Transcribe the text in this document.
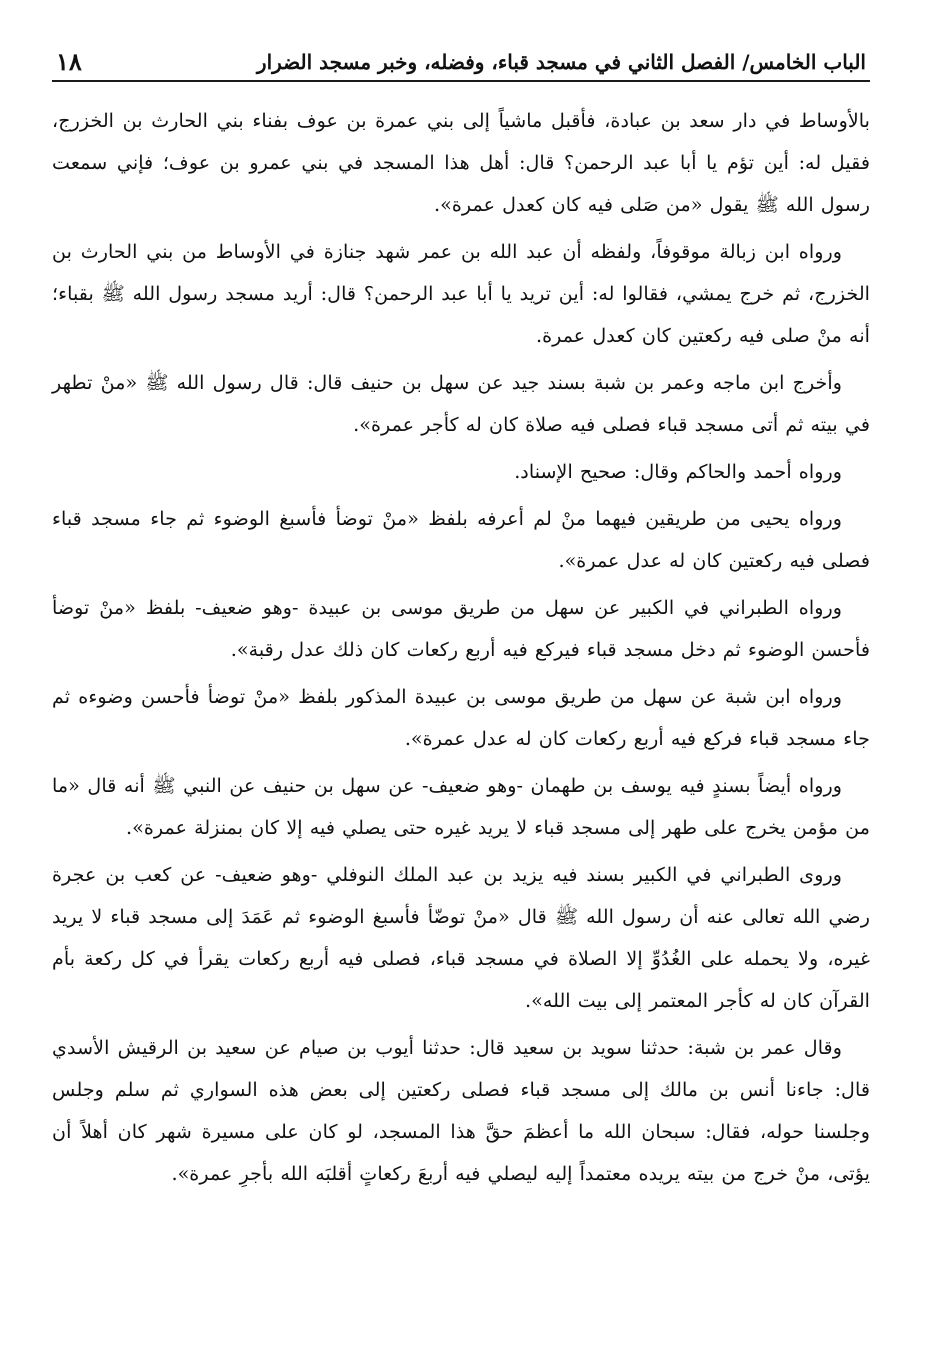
الباب الخامس/ الفصل الثاني في مسجد قباء، وفضله، وخبر مسجد الضرار
١٨

بالأوساط في دار سعد بن عبادة، فأقبل ماشياً إلى بني عمرة بن عوف بفناء بني الحارث بن الخزرج، فقيل له: أين تؤم يا أبا عبد الرحمن؟ قال: أهل هذا المسجد في بني عمرو بن عوف؛ فإني سمعت رسول الله ﷺ يقول «من صَلى فيه كان كعدل عمرة».

ورواه ابن زبالة موقوفاً، ولفظه أن عبد الله بن عمر شهد جنازة في الأوساط من بني الحارث بن الخزرج، ثم خرج يمشي، فقالوا له: أين تريد يا أبا عبد الرحمن؟ قال: أريد مسجد رسول الله ﷺ بقباء؛ أنه منْ صلى فيه ركعتين كان كعدل عمرة.

وأخرج ابن ماجه وعمر بن شبة بسند جيد عن سهل بن حنيف قال: قال رسول الله ﷺ «منْ تطهر في بيته ثم أتى مسجد قباء فصلى فيه صلاة كان له كأجر عمرة».

ورواه أحمد والحاكم وقال: صحيح الإسناد.

ورواه يحيى من طريقين فيهما منْ لم أعرفه بلفظ «منْ توضأ فأسبغ الوضوء ثم جاء مسجد قباء فصلى فيه ركعتين كان له عدل عمرة».

ورواه الطبراني في الكبير عن سهل من طريق موسى بن عبيدة -وهو ضعيف- بلفظ «منْ توضأ فأحسن الوضوء ثم دخل مسجد قباء فيركع فيه أربع ركعات كان ذلك عدل رقبة».

ورواه ابن شبة عن سهل من طريق موسى بن عبيدة المذكور بلفظ «منْ توضأ فأحسن وضوءه ثم جاء مسجد قباء فركع فيه أربع ركعات كان له عدل عمرة».

ورواه أيضاً بسندٍ فيه يوسف بن طهمان -وهو ضعيف- عن سهل بن حنيف عن النبي ﷺ أنه قال «ما من مؤمن يخرج على طهر إلى مسجد قباء لا يريد غيره حتى يصلي فيه إلا كان بمنزلة عمرة».

وروى الطبراني في الكبير بسند فيه يزيد بن عبد الملك النوفلي -وهو ضعيف- عن كعب بن عجرة رضي الله تعالى عنه أن رسول الله ﷺ قال «منْ توضّأ فأسبغ الوضوء ثم عَمَدَ إلى مسجد قباء لا يريد غيره، ولا يحمله على الغُدُوِّ إلا الصلاة في مسجد قباء، فصلى فيه أربع ركعات يقرأ في كل ركعة بأم القرآن كان له كأجر المعتمر إلى بيت الله».

وقال عمر بن شبة: حدثنا سويد بن سعيد قال: حدثنا أيوب بن صيام عن سعيد بن الرقيش الأسدي قال: جاءنا أنس بن مالك إلى مسجد قباء فصلى ركعتين إلى بعض هذه السواري ثم سلم وجلس وجلسنا حوله، فقال: سبحان الله ما أعظمَ حقَّ هذا المسجد، لو كان على مسيرة شهر كان أهلاً أن يؤتى، منْ خرج من بيته يريده معتمداً إليه ليصلي فيه أربعَ ركعاتٍ أقلبَه الله بأجرِ عمرة».
